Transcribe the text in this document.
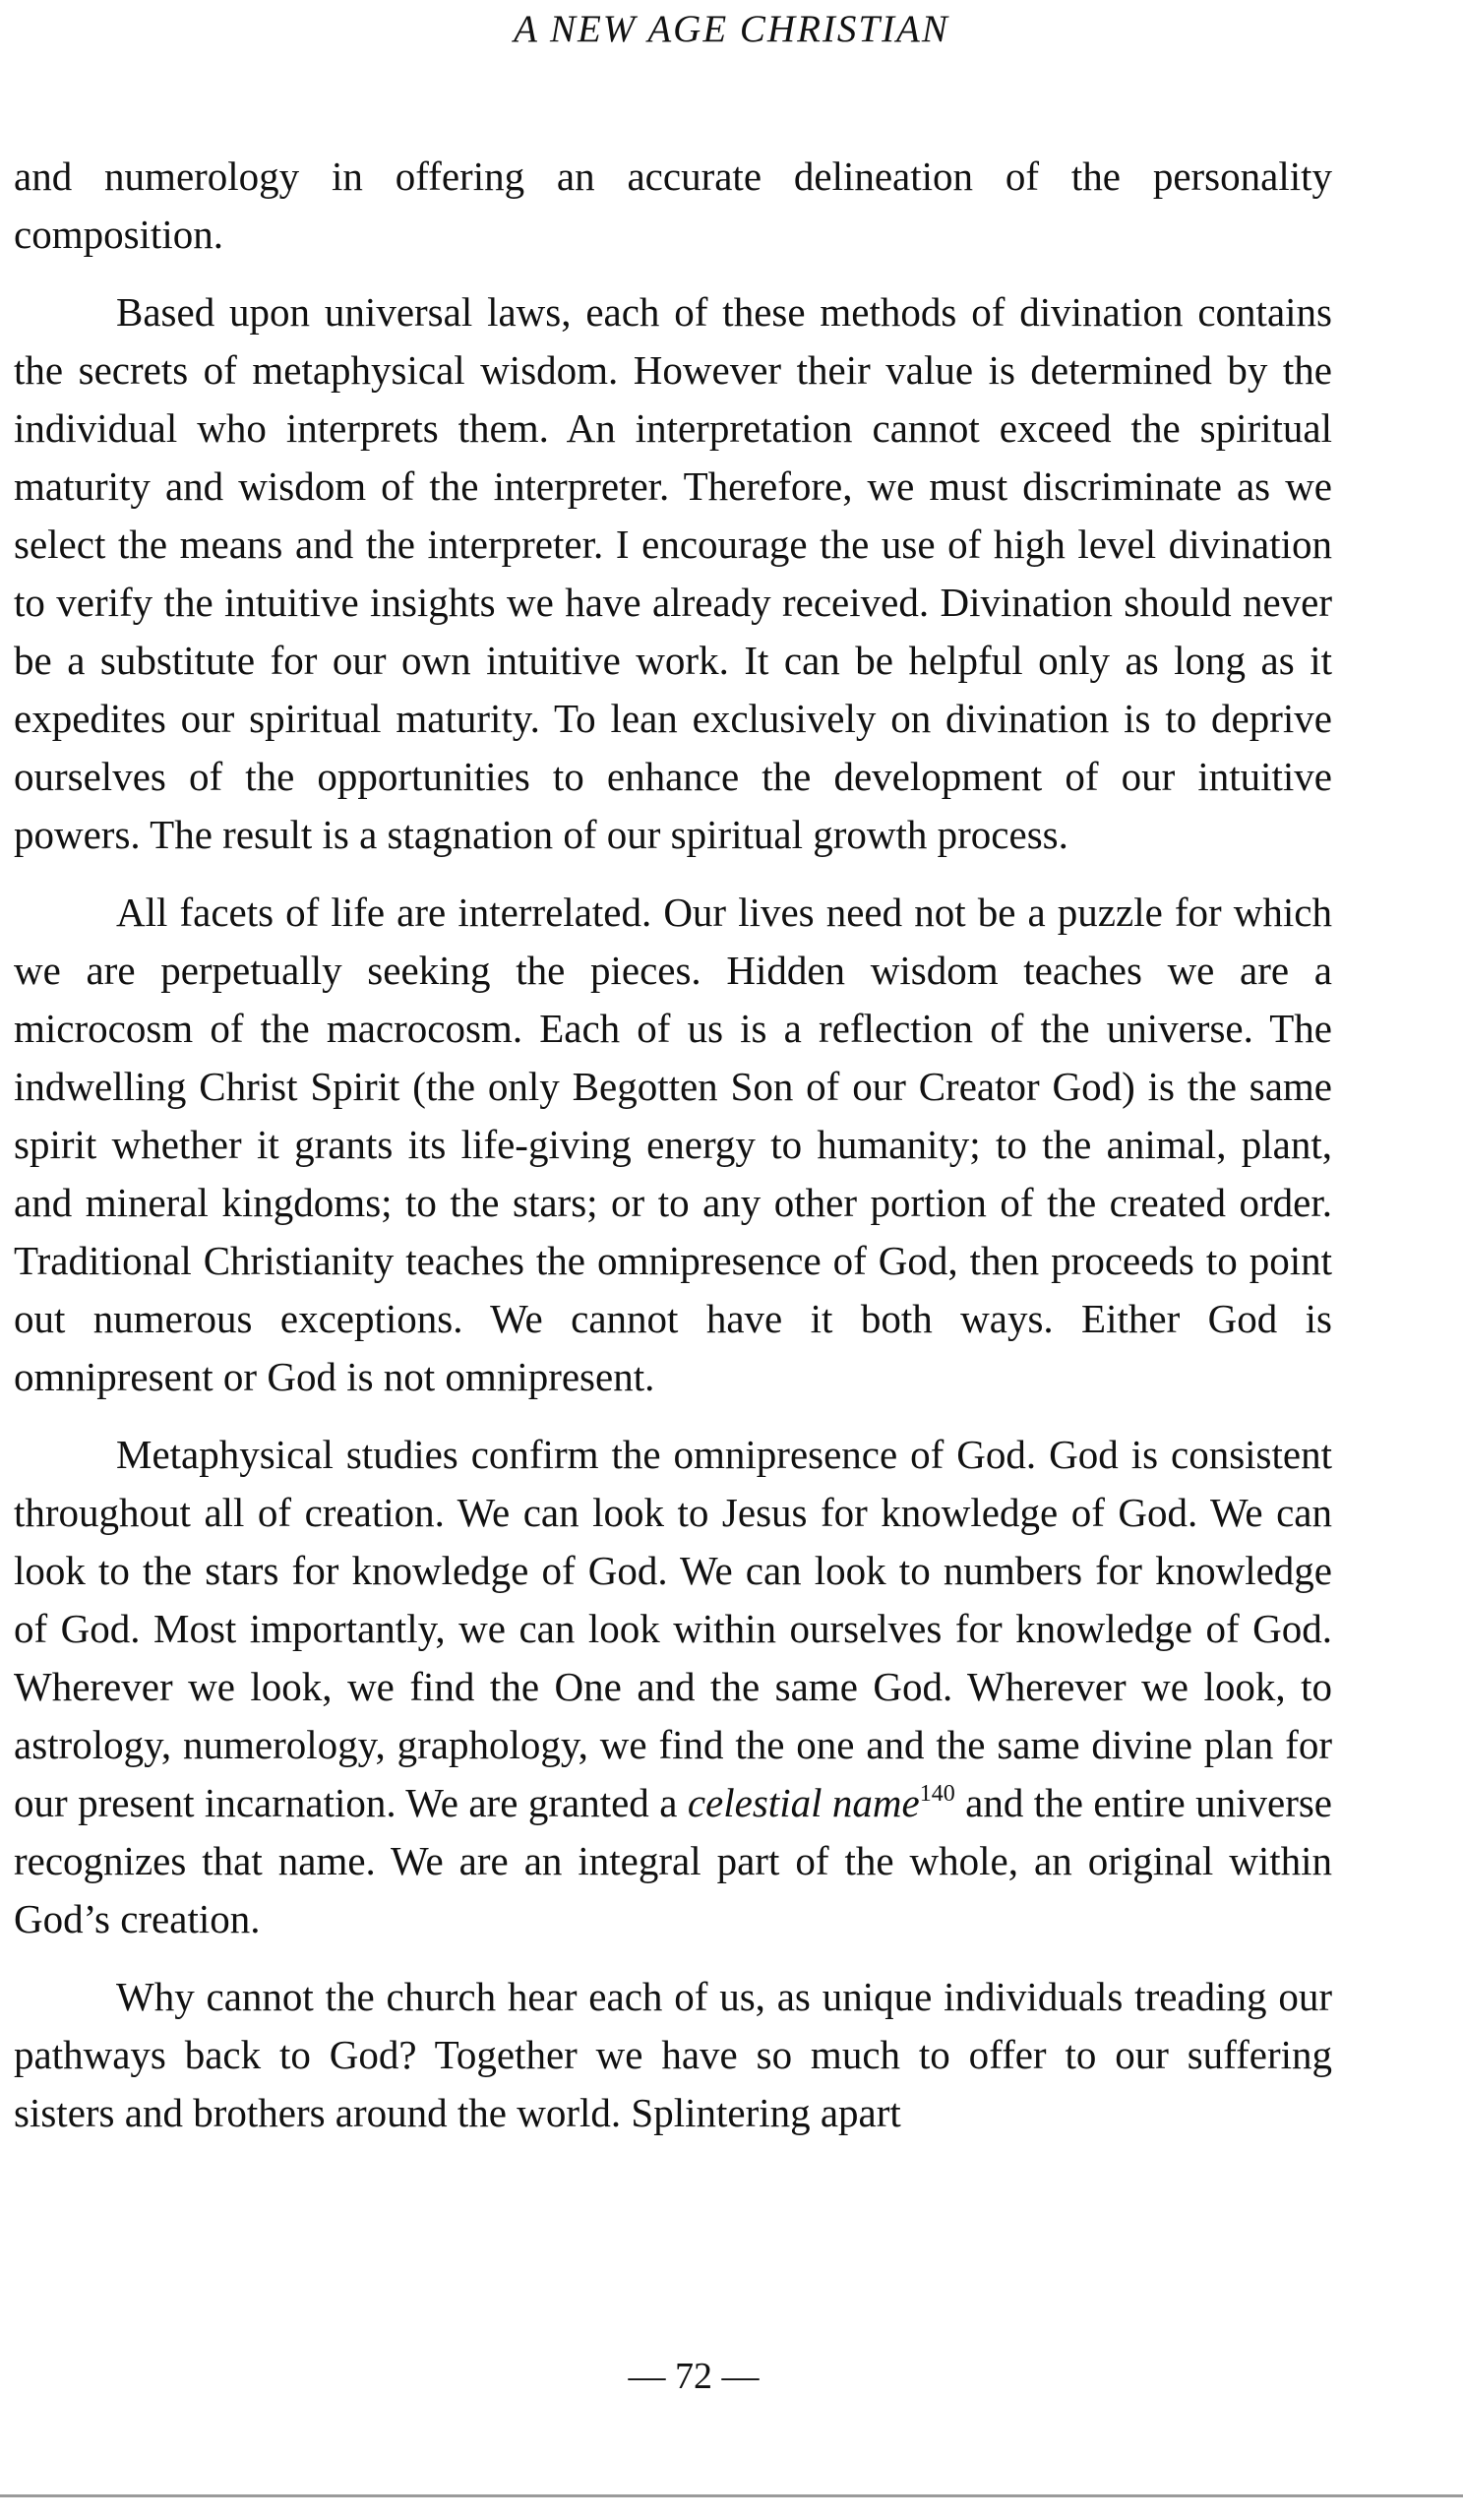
A NEW AGE CHRISTIAN

and numerology in offering an accurate delineation of the personality composition.

Based upon universal laws, each of these methods of divination contains the secrets of metaphysical wisdom. However their value is determined by the individual who interprets them. An interpretation cannot exceed the spiritual maturity and wisdom of the interpreter. Therefore, we must discriminate as we select the means and the interpreter. I encourage the use of high level divination to verify the intuitive insights we have already received. Divination should never be a substitute for our own intuitive work. It can be helpful only as long as it expedites our spiritual maturity. To lean exclusively on divination is to deprive ourselves of the opportunities to enhance the development of our intuitive powers. The result is a stagnation of our spiritual growth process.

All facets of life are interrelated. Our lives need not be a puzzle for which we are perpetually seeking the pieces. Hidden wisdom teaches we are a microcosm of the macrocosm. Each of us is a reflection of the universe. The indwelling Christ Spirit (the only Begotten Son of our Creator God) is the same spirit whether it grants its life-giving energy to humanity; to the animal, plant, and mineral kingdoms; to the stars; or to any other portion of the created order. Traditional Christianity teaches the omnipresence of God, then proceeds to point out numerous exceptions. We cannot have it both ways. Either God is omnipresent or God is not omnipresent.

Metaphysical studies confirm the omnipresence of God. God is consistent throughout all of creation. We can look to Jesus for knowledge of God. We can look to the stars for knowledge of God. We can look to numbers for knowledge of God. Most importantly, we can look within ourselves for knowledge of God. Wherever we look, we find the One and the same God. Wherever we look, to astrology, numerology, graphology, we find the one and the same divine plan for our present incarnation. We are granted a celestial name$^{140}$ and the entire universe recognizes that name. We are an integral part of the whole, an original within God’s creation.

Why cannot the church hear each of us, as unique individuals treading our pathways back to God? Together we have so much to offer to our suffering sisters and brothers around the world. Splintering apart

— 72 —
